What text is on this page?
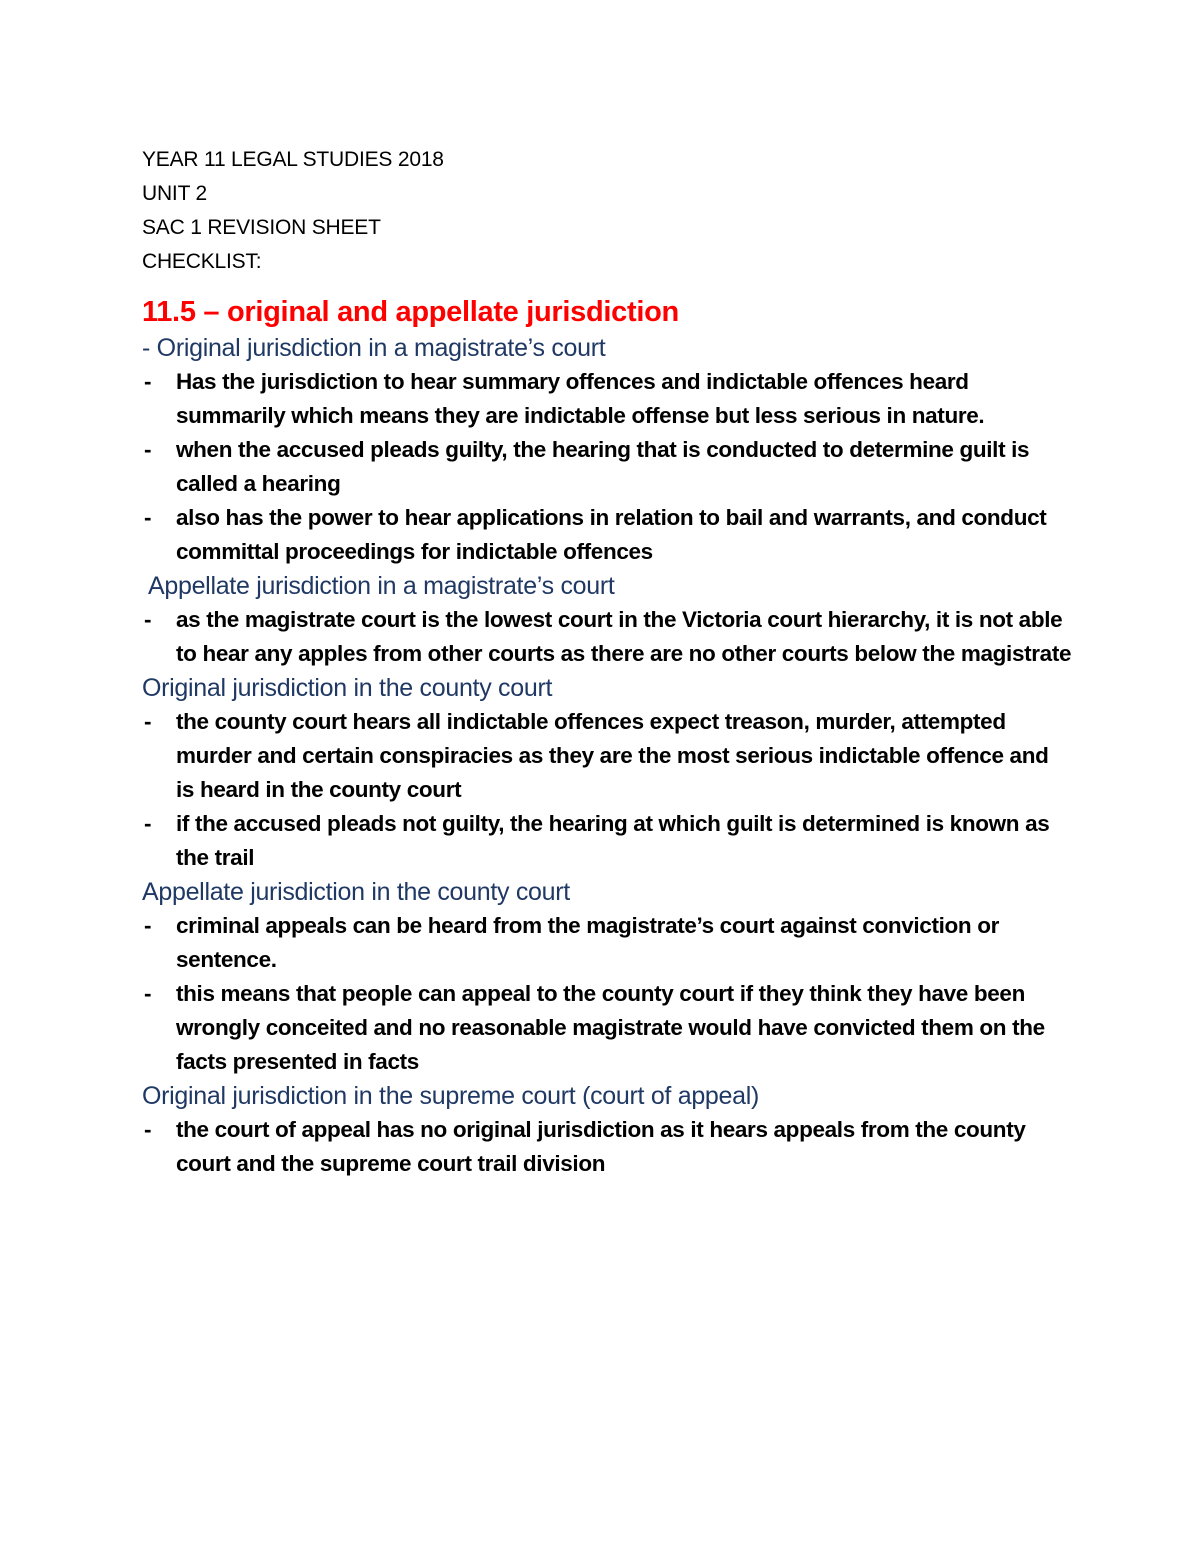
YEAR 11 LEGAL STUDIES 2018
UNIT 2
SAC 1 REVISION SHEET
CHECKLIST:
11.5 – original and appellate jurisdiction
- Original jurisdiction in a magistrate’s court
- Has the jurisdiction to hear summary offences and indictable offences heard summarily which means they are indictable offense but less serious in nature.
- when the accused pleads guilty, the hearing that is conducted to determine guilt is called a hearing
- also has the power to hear applications in relation to bail and warrants, and conduct committal proceedings for indictable offences
Appellate jurisdiction in a magistrate’s court
- as the magistrate court is the lowest court in the Victoria court hierarchy, it is not able to hear any apples from other courts as there are no other courts below the magistrate
Original jurisdiction in the county court
- the county court hears all indictable offences expect treason, murder, attempted murder and certain conspiracies as they are the most serious indictable offence and is heard in the county court
- if the accused pleads not guilty, the hearing at which guilt is determined is known as the trail
Appellate jurisdiction in the county court
- criminal appeals can be heard from the magistrate’s court against conviction or sentence.
- this means that people can appeal to the county court if they think they have been wrongly conceited and no reasonable magistrate would have convicted them on the facts presented in facts
Original jurisdiction in the supreme court (court of appeal)
- the court of appeal has no original jurisdiction as it hears appeals from the county court and the supreme court trail division
